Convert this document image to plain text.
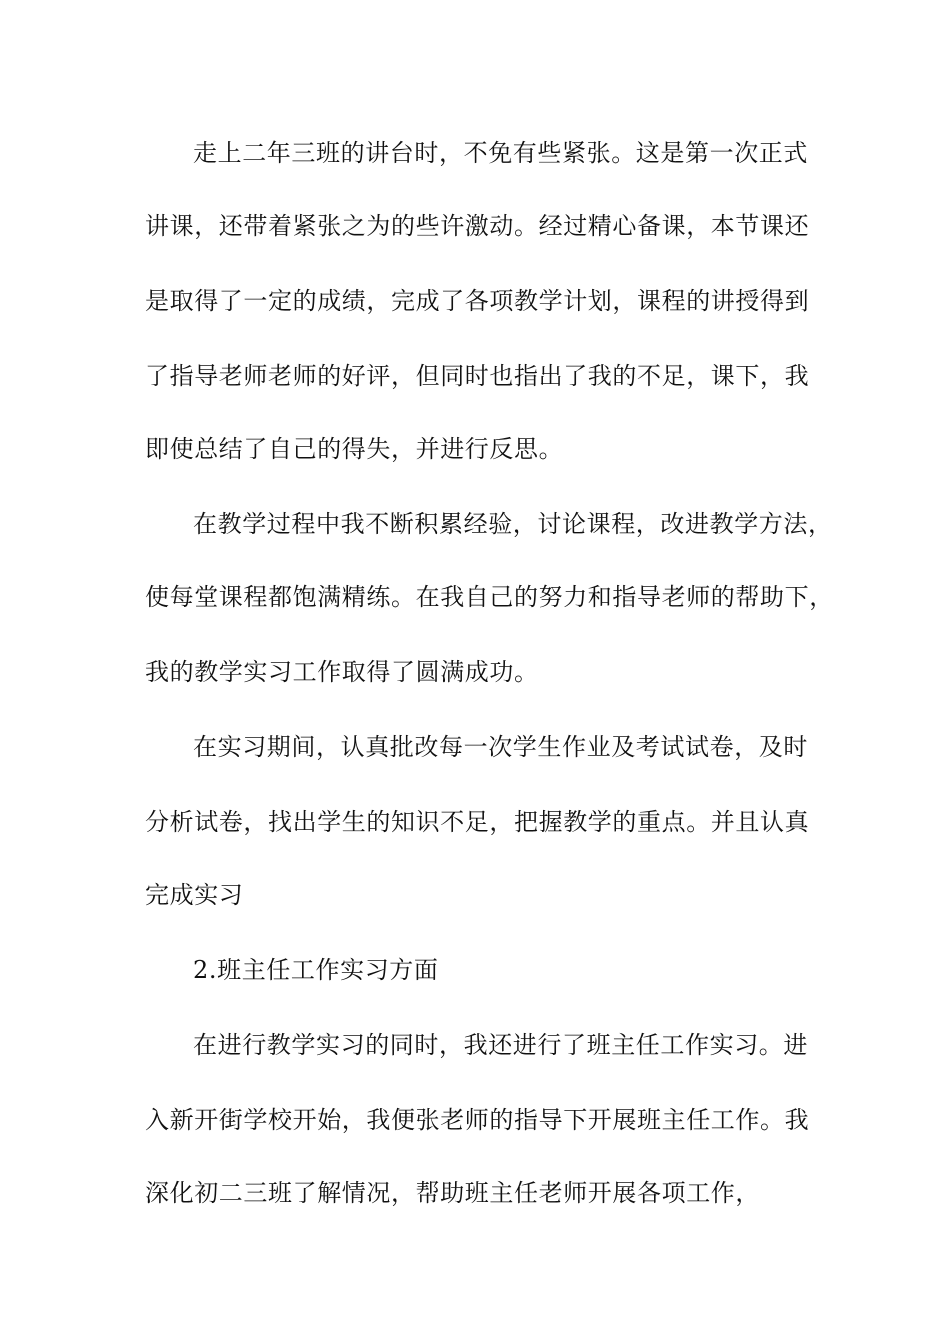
走上二年三班的讲台时，不免有些紧张。这是第一次正式
讲课，还带着紧张之为的些许激动。经过精心备课，本节课还
是取得了一定的成绩，完成了各项教学计划，课程的讲授得到
了指导老师老师的好评，但同时也指出了我的不足，课下，我
即使总结了自己的得失，并进行反思。
在教学过程中我不断积累经验，讨论课程，改进教学方法，
使每堂课程都饱满精练。在我自己的努力和指导老师的帮助下，
我的教学实习工作取得了圆满成功。
在实习期间，认真批改每一次学生作业及考试试卷，及时
分析试卷，找出学生的知识不足，把握教学的重点。并且认真
完成实习
2.班主任工作实习方面
在进行教学实习的同时，我还进行了班主任工作实习。进
入新开街学校开始，我便张老师的指导下开展班主任工作。我
深化初二三班了解情况，帮助班主任老师开展各项工作，
